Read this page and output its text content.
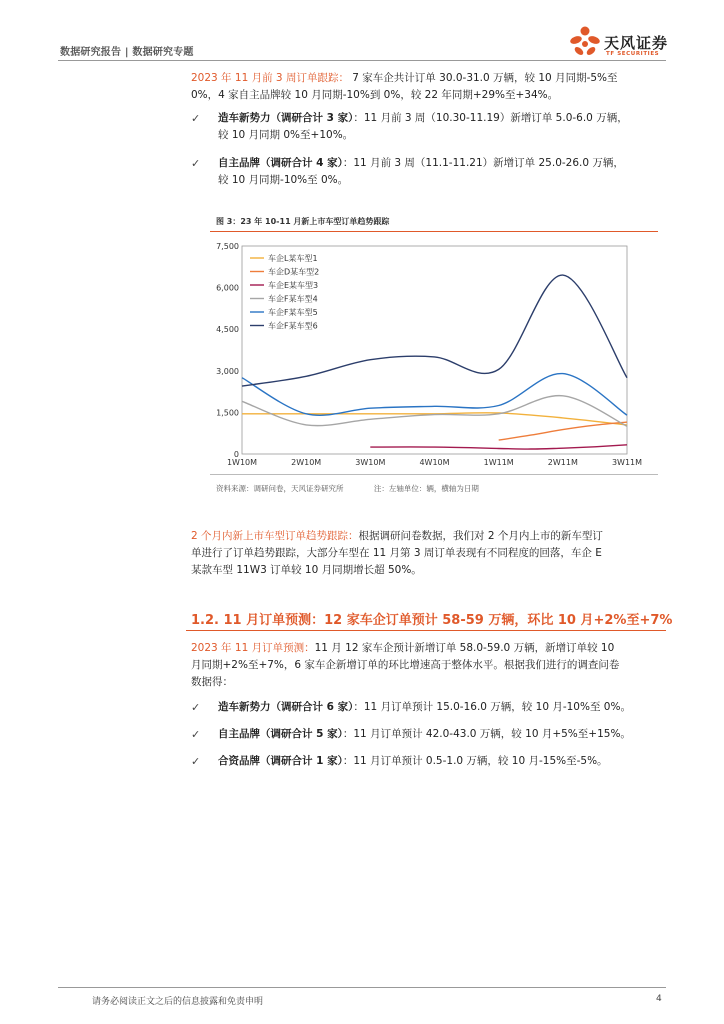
数据研究报告 | 数据研究专题
天风证券
TF SECURITIES
2023 年 11 月前 3 周订单跟踪： 7 家车企共计订单 30.0-31.0 万辆，较 10 月同期-5%至
0%，4 家自主品牌较 10 月同期-10%到 0%，较 22 年同期+29%至+34%。
✓ 造车新势力（调研合计 3 家）：11 月前 3 周（10.30-11.19）新增订单 5.0-6.0 万辆，
较 10 月同期 0%至+10%。
✓ 自主品牌（调研合计 4 家）：11 月前 3 周（11.1-11.21）新增订单 25.0-26.0 万辆，
较 10 月同期-10%至 0%。
图 3：23 年 10-11 月新上市车型订单趋势跟踪
7,500
6,000
4,500
3,000
1,500
0
1W10M	2W10M	3W10M	4W10M	1W11M	2W11M	3W11M
车企L某车型1
车企D某车型2
车企E某车型3
车企F某车型4
车企F某车型5
车企F某车型6
资料来源：调研问卷，天风证券研究所	注：左轴单位：辆，横轴为日期
2 个月内新上市车型订单趋势跟踪：根据调研问卷数据，我们对 2 个月内上市的新车型订
单进行了订单趋势跟踪，大部分车型在 11 月第 3 周订单表现有不同程度的回落，车企 E
某款车型 11W3 订单较 10 月同期增长超 50%。
1.2. 11 月订单预测：12 家车企订单预计 58-59 万辆，环比 10 月+2%至+7%
2023 年 11 月订单预测：11 月 12 家车企预计新增订单 58.0-59.0 万辆，新增订单较 10
月同期+2%至+7%，6 家车企新增订单的环比增速高于整体水平。根据我们进行的调查问卷
数据得：
✓ 造车新势力（调研合计 6 家）：11 月订单预计 15.0-16.0 万辆，较 10 月-10%至 0%。
✓ 自主品牌（调研合计 5 家）：11 月订单预计 42.0-43.0 万辆，较 10 月+5%至+15%。
✓ 合资品牌（调研合计 1 家）：11 月订单预计 0.5-1.0 万辆，较 10 月-15%至-5%。
请务必阅读正文之后的信息披露和免责申明	4
